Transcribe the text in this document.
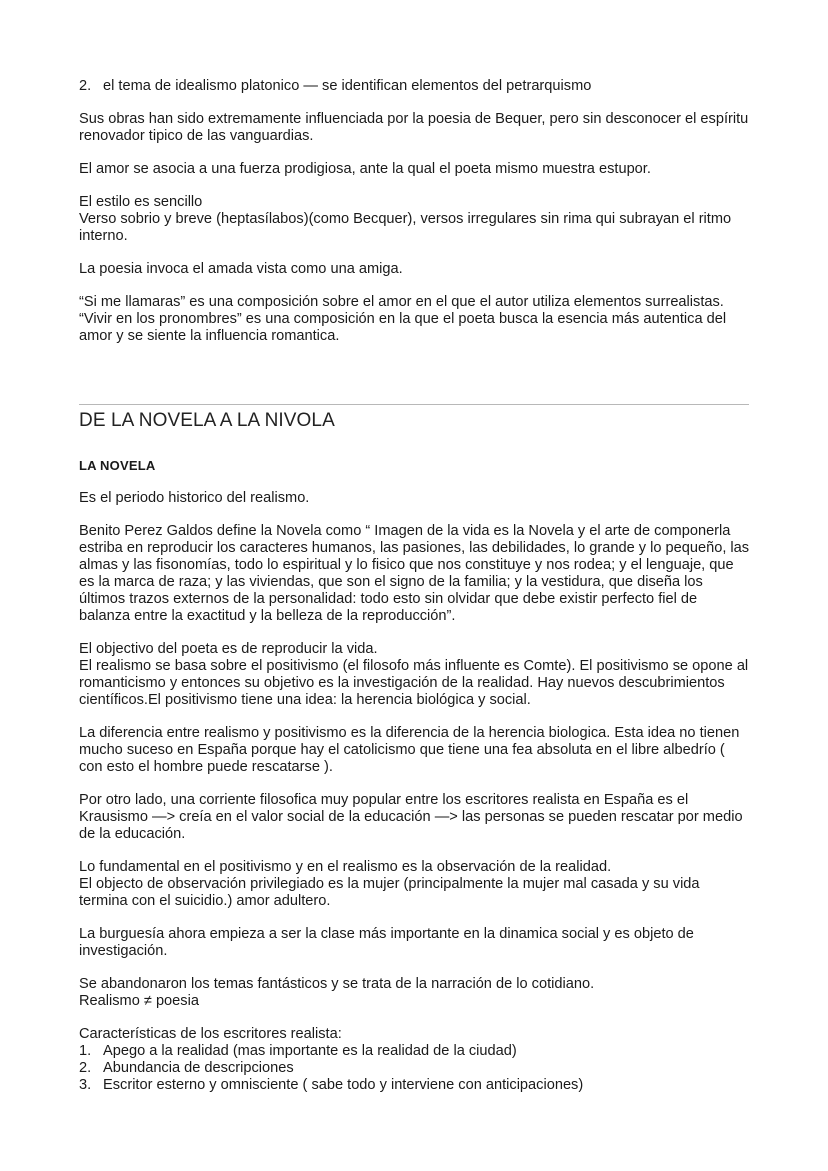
2. el tema de idealismo platonico — se identifican elementos del petrarquismo

Sus obras han sido extremamente influenciada por la poesia de Bequer, pero sin desconocer el espíritu renovador tipico de las vanguardias.

El amor se asocia a una fuerza prodigiosa, ante la qual el poeta mismo muestra estupor.

El estilo es sencillo
Verso sobrio y breve (heptasílabos)(como Becquer), versos irregulares sin rima qui subrayan el ritmo interno.

La poesia invoca el amada vista como una amiga.

“Si me llamaras” es una composición sobre el amor en el que el autor utiliza elementos surrealistas.
“Vivir en los pronombres” es una composición en la que el poeta busca la esencia más autentica del amor y se siente la influencia romantica.

DE LA NOVELA A LA NIVOLA
LA NOVELA

Es el periodo historico del realismo.

Benito Perez Galdos define la Novela como “ Imagen de la vida es la Novela y el arte de componerla estriba en reproducir los caracteres humanos, las pasiones, las debilidades, lo grande y lo pequeño, las almas y las fisonomías, todo lo espiritual y lo fisico que nos constituye y nos rodea; y el lenguaje, que es la marca de raza; y las viviendas, que son el signo de la familia; y la vestidura, que diseña los últimos trazos externos de la personalidad: todo esto sin olvidar que debe existir perfecto fiel de balanza entre la exactitud y la belleza de la reproducción”.

El objectivo del poeta es de reproducir la vida.
El realismo se basa sobre el positivismo (el filosofo más influente es Comte). El positivismo se opone al romanticismo y entonces su objetivo es la investigación de la realidad. Hay nuevos descubrimientos científicos.El positivismo tiene una idea: la herencia biológica y social.

La diferencia entre realismo y positivismo es la diferencia de la herencia biologica. Esta idea no tienen mucho suceso en España porque hay el catolicismo que tiene una fea absoluta en el libre albedrío ( con esto el hombre puede rescatarse ).

Por otro lado, una corriente filosofica muy popular entre los escritores realista en España es el Krausismo —> creía en el valor social de la educación —> las personas se pueden rescatar por medio de la educación.

Lo fundamental en el positivismo y en el realismo es la observación de la realidad.
El objecto de observación privilegiado es la mujer (principalmente la mujer mal casada y su vida termina con el suicidio.) amor adultero.

La burguesía ahora empieza a ser la clase más importante en la dinamica social y es objeto de investigación.

Se abandonaron los temas fantásticos y se trata de la narración de lo cotidiano.
Realismo ≠ poesia

Características de los escritores realista:
1. Apego a la realidad (mas importante es la realidad de la ciudad)
2. Abundancia de descripciones
3. Escritor esterno y omnisciente ( sabe todo y interviene con anticipaciones)
